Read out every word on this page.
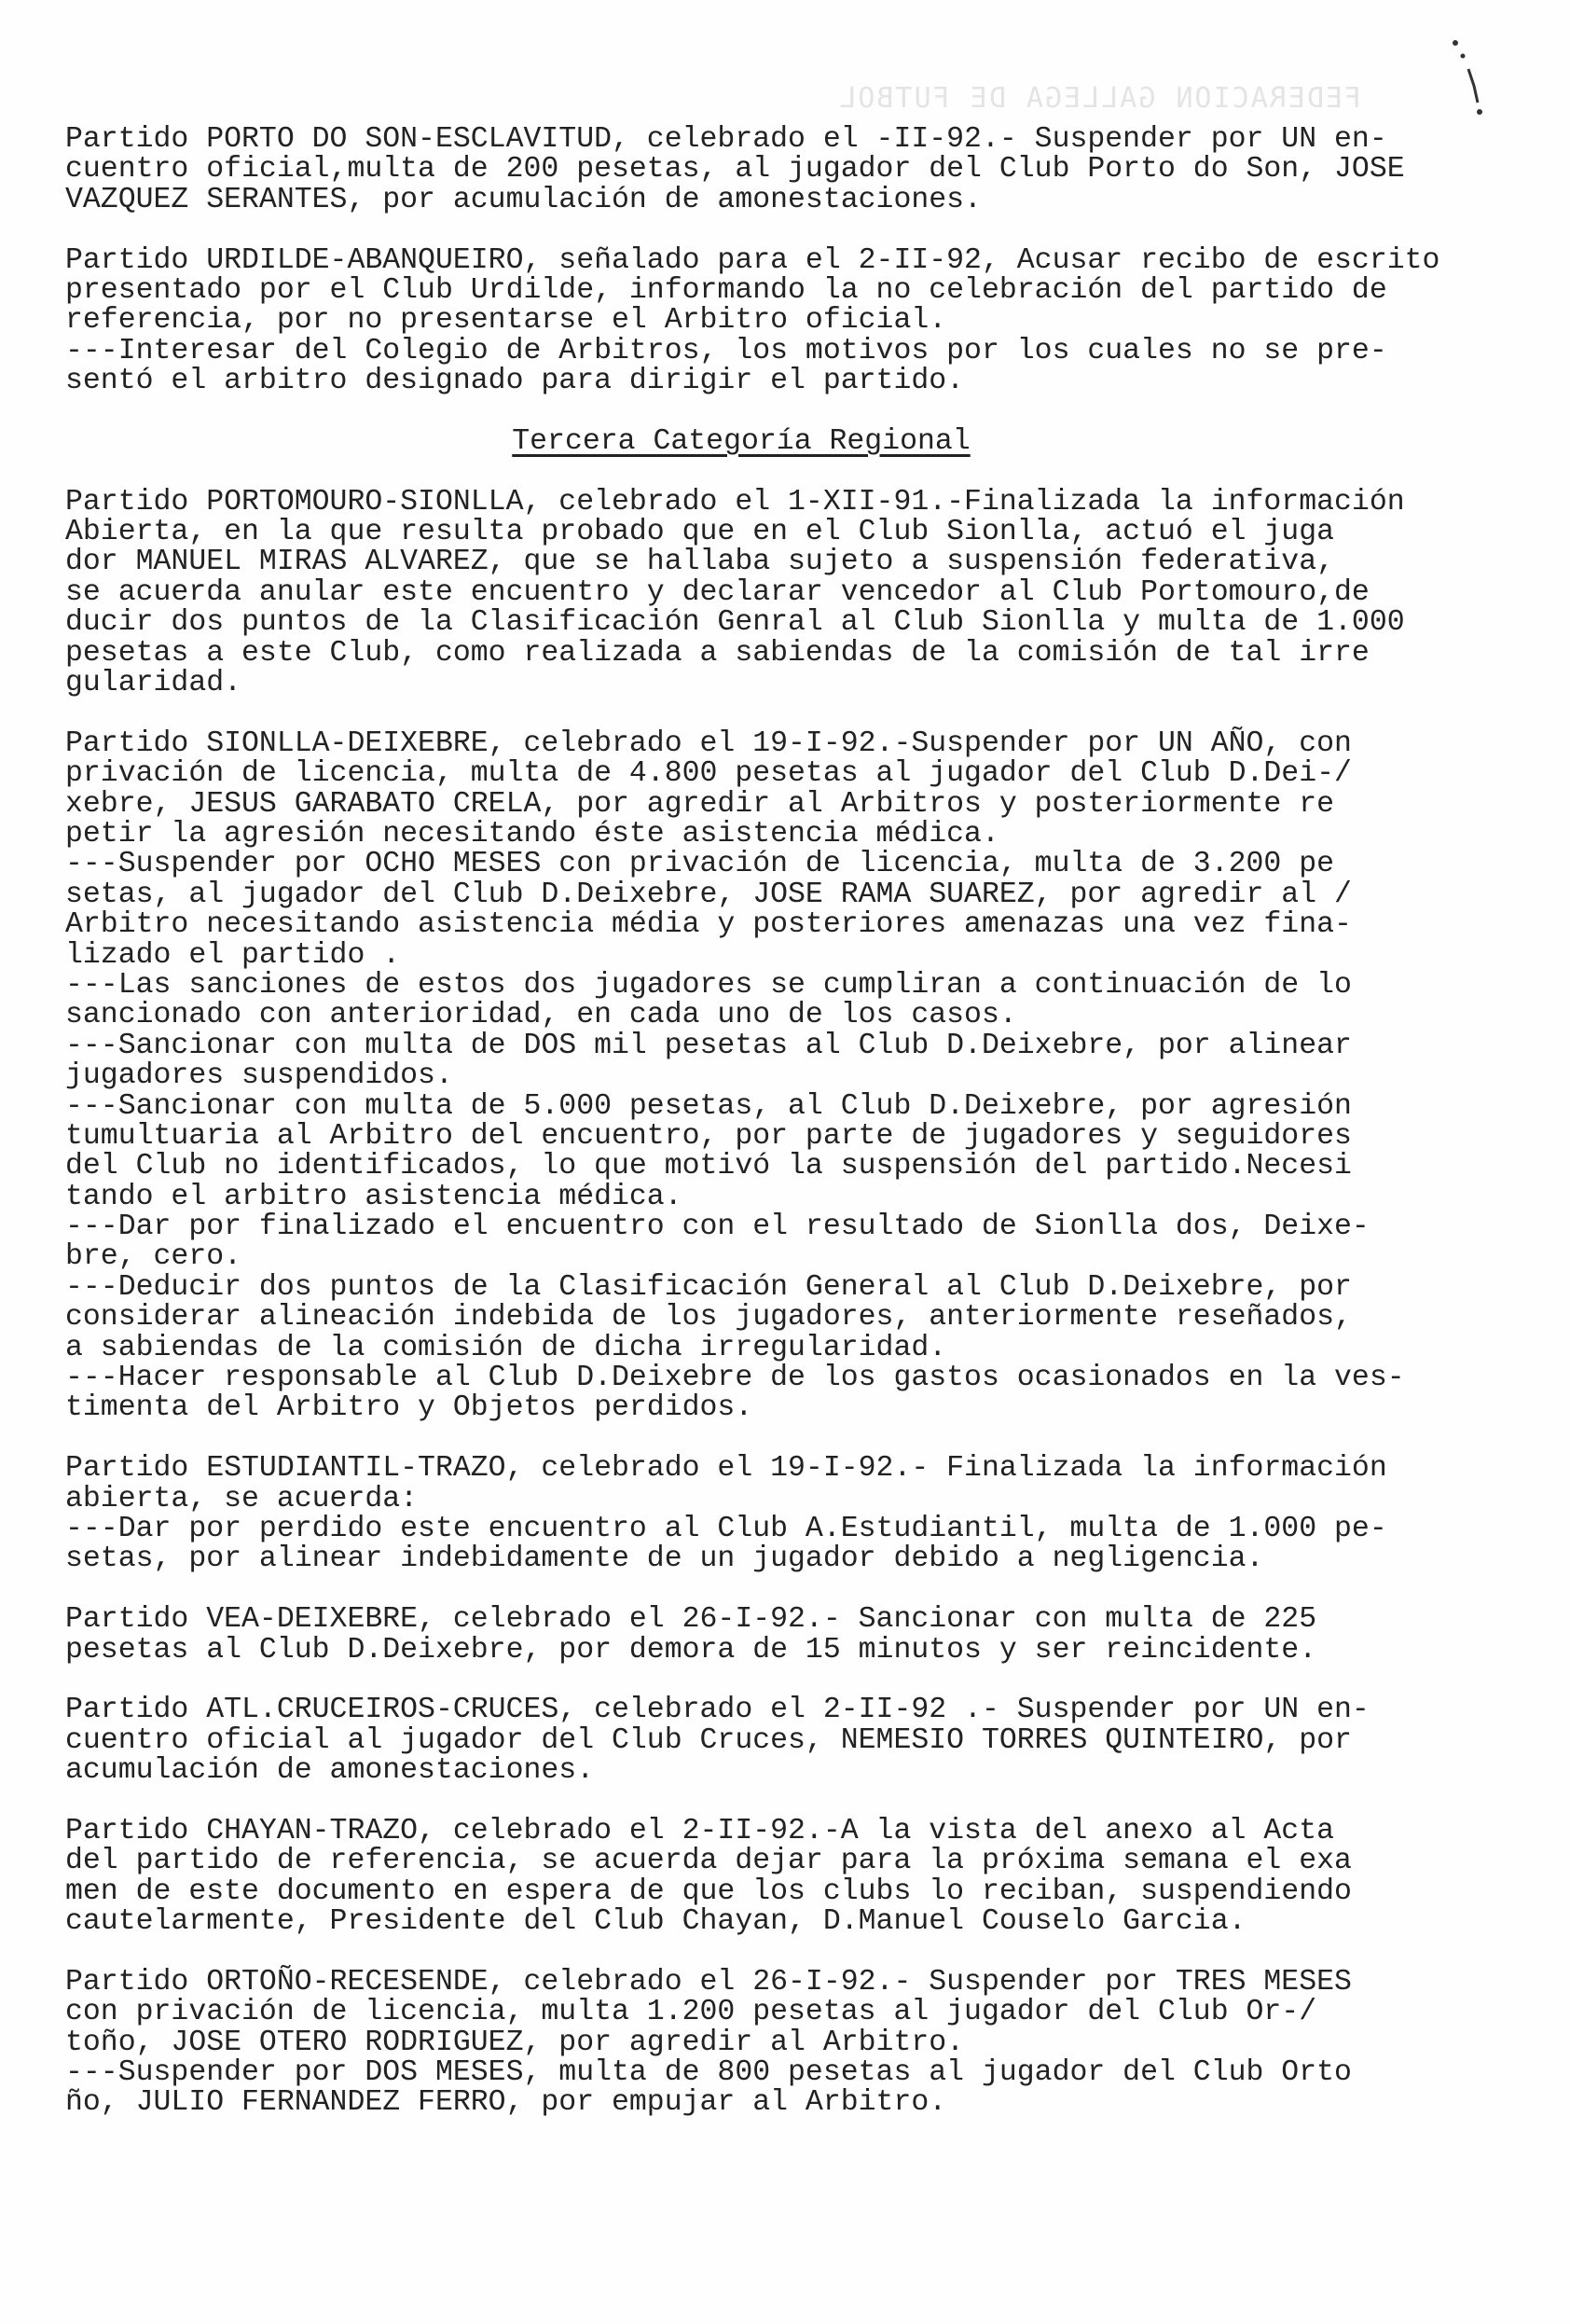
FEDERACION GALLEGA DE FUTBOL
Partido PORTO DO SON-ESCLAVITUD, celebrado el -II-92.- Suspender por UN en-
cuentro oficial,multa de 200 pesetas, al jugador del Club Porto do Son, JOSE
VAZQUEZ SERANTES, por acumulación de amonestaciones.
Partido URDILDE-ABANQUEIRO, señalado para el 2-II-92, Acusar recibo de escrito
presentado por el Club Urdilde, informando la no celebración del partido de
referencia, por no presentarse el Arbitro oficial.
---Interesar del Colegio de Arbitros, los motivos por los cuales no se pre-
sentó el arbitro designado para dirigir el partido.
Tercera Categoría Regional
Partido PORTOMOURO-SIONLLA, celebrado el 1-XII-91.-Finalizada la información
Abierta, en la que resulta probado que en el Club Sionlla, actuó el juga
dor MANUEL MIRAS ALVAREZ, que se hallaba sujeto a suspensión federativa,
se acuerda anular este encuentro y declarar vencedor al Club Portomouro,de
ducir dos puntos de la Clasificación Genral al Club Sionlla y multa de 1.000
pesetas a este Club, como realizada a sabiendas de la comisión de tal irre
gularidad.
Partido SIONLLA-DEIXEBRE, celebrado el 19-I-92.-Suspender por UN AÑO, con
privación de licencia, multa de 4.800 pesetas al jugador del Club D.Dei-/
xebre, JESUS GARABATO CRELA, por agredir al Arbitros y posteriormente re
petir la agresión necesitando éste asistencia médica.
---Suspender por OCHO MESES con privación de licencia, multa de 3.200 pe
setas, al jugador del Club D.Deixebre, JOSE RAMA SUAREZ, por agredir al /
Arbitro necesitando asistencia média y posteriores amenazas una vez fina-
lizado el partido .
---Las sanciones de estos dos jugadores se cumpliran a continuación de lo
sancionado con anterioridad, en cada uno de los casos.
---Sancionar con multa de DOS mil pesetas al Club D.Deixebre, por alinear
jugadores suspendidos.
---Sancionar con multa de 5.000 pesetas, al Club D.Deixebre, por agresión
tumultuaria al Arbitro del encuentro, por parte de jugadores y seguidores
del Club no identificados, lo que motivó la suspensión del partido.Necesi
tando el arbitro asistencia médica.
---Dar por finalizado el encuentro con el resultado de Sionlla dos, Deixe-
bre, cero.
---Deducir dos puntos de la Clasificación General al Club D.Deixebre, por
considerar alineación indebida de los jugadores, anteriormente reseñados,
a sabiendas de la comisión de dicha irregularidad.
---Hacer responsable al Club D.Deixebre de los gastos ocasionados en la ves-
timenta del Arbitro y Objetos perdidos.
Partido ESTUDIANTIL-TRAZO, celebrado el 19-I-92.- Finalizada la información
abierta, se acuerda:
---Dar por perdido este encuentro al Club A.Estudiantil, multa de 1.000 pe-
setas, por alinear indebidamente de un jugador debido a negligencia.
Partido VEA-DEIXEBRE, celebrado el 26-I-92.- Sancionar con multa de 225
pesetas al Club D.Deixebre, por demora de 15 minutos y ser reincidente.
Partido ATL.CRUCEIROS-CRUCES, celebrado el 2-II-92 .- Suspender por UN en-
cuentro oficial al jugador del Club Cruces, NEMESIO TORRES QUINTEIRO, por
acumulación de amonestaciones.
Partido CHAYAN-TRAZO, celebrado el 2-II-92.-A la vista del anexo al Acta
del partido de referencia, se acuerda dejar para la próxima semana el exa
men de este documento en espera de que los clubs lo reciban, suspendiendo
cautelarmente, Presidente del Club Chayan, D.Manuel Couselo Garcia.
Partido ORTOÑO-RECESENDE, celebrado el 26-I-92.- Suspender por TRES MESES
con privación de licencia, multa 1.200 pesetas al jugador del Club Or-/
toño, JOSE OTERO RODRIGUEZ, por agredir al Arbitro.
---Suspender por DOS MESES, multa de 800 pesetas al jugador del Club Orto
ño, JULIO FERNANDEZ FERRO, por empujar al Arbitro.
